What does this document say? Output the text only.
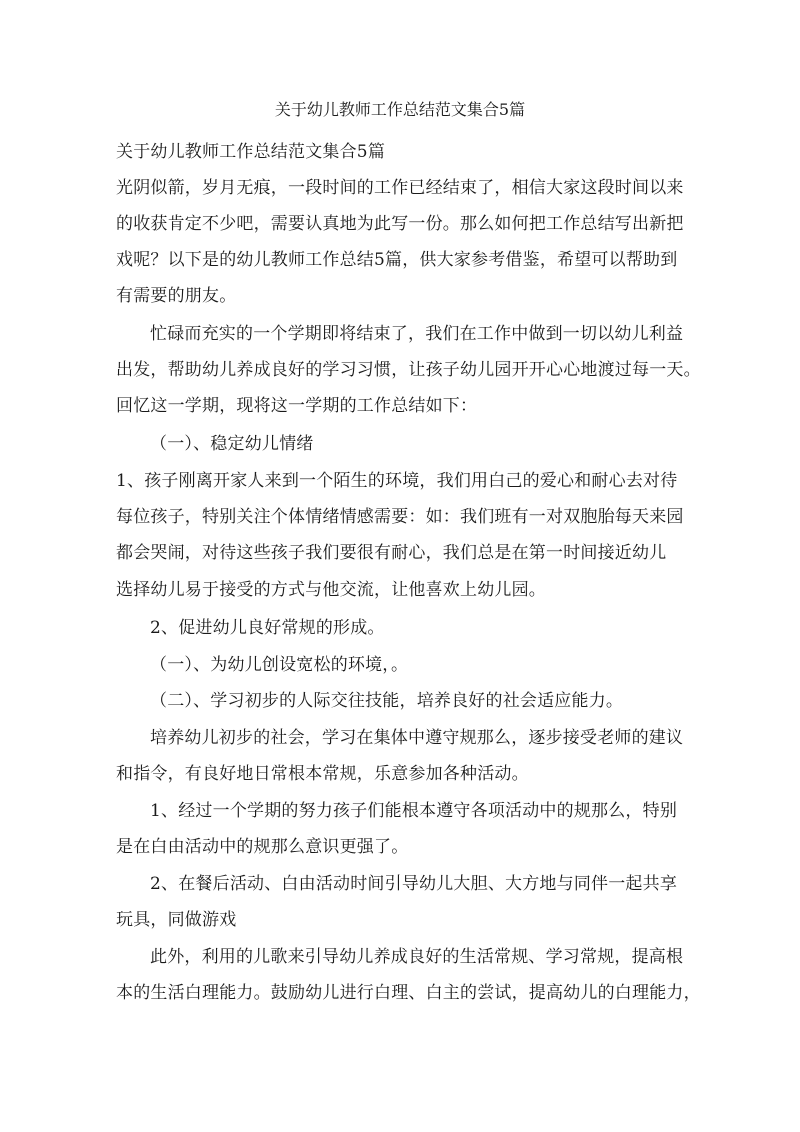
关于幼儿教师工作总结范文集合5篇
关于幼儿教师工作总结范文集合5篇
光阴似箭，岁月无痕，一段时间的工作已经结束了，相信大家这段时间以来
的收获肯定不少吧，需要认真地为此写一份。那么如何把工作总结写出新把
戏呢？以下是的幼儿教师工作总结5篇，供大家参考借鉴，希望可以帮助到
有需要的朋友。
忙碌而充实的一个学期即将结束了，我们在工作中做到一切以幼儿利益
出发，帮助幼儿养成良好的学习习惯，让孩子幼儿园开开心心地渡过每一天。
回忆这一学期，现将这一学期的工作总结如下：
（一）、稳定幼儿情绪
1、孩子刚离开家人来到一个陌生的环境，我们用白己的爱心和耐心去对待
每位孩子，特别关注个体情绪情感需要：如：我们班有一对双胞胎每天来园
都会哭闹，对待这些孩子我们要很有耐心，我们总是在第一时间接近幼儿
选择幼儿易于接受的方式与他交流，让他喜欢上幼儿园。
2、促进幼儿良好常规的形成。
（一）、为幼儿创设宽松的环境，。
（二）、学习初步的人际交往技能，培养良好的社会适应能力。
培养幼儿初步的社会，学习在集体中遵守规那么，逐步接受老师的建议
和指令，有良好地日常根本常规，乐意参加各种活动。
1、经过一个学期的努力孩子们能根本遵守各项活动中的规那么，特别
是在白由活动中的规那么意识更强了。
2、在餐后活动、白由活动时间引导幼儿大胆、大方地与同伴一起共享
玩具，同做游戏
此外，利用的儿歌来引导幼儿养成良好的生活常规、学习常规，提高根
本的生活白理能力。鼓励幼儿进行白理、白主的尝试，提高幼儿的白理能力，
